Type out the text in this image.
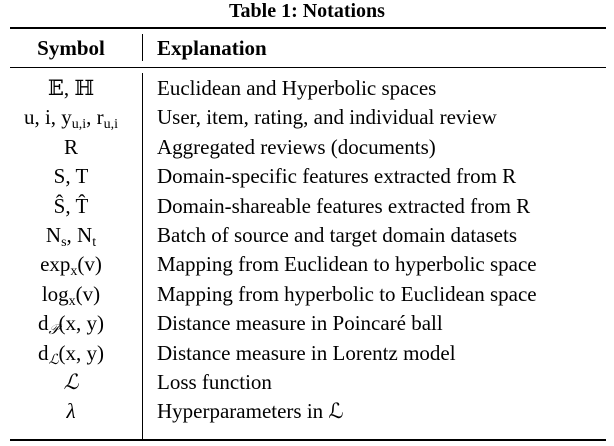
Table 1: Notations
Symbol	Explanation
𝔼, ℍ	Euclidean and Hyperbolic spaces
u, i, $y_{u,i}$, $r_{u,i}$	User, item, rating, and individual review
R	Aggregated reviews (documents)
S, T	Domain-specific features extracted from R
Ŝ, T̂	Domain-shareable features extracted from R
$N_s$, $N_t$	Batch of source and target domain datasets
$\exp_x(v)$	Mapping from Euclidean to hyperbolic space
$\log_x(v)$	Mapping from hyperbolic to Euclidean space
$d_𝒫(x$, y)	Distance measure in Poincaré ball
$d_ℒ(x$, y)	Distance measure in Lorentz model
ℒ	Loss function
λ	Hyperparameters in ℒ
